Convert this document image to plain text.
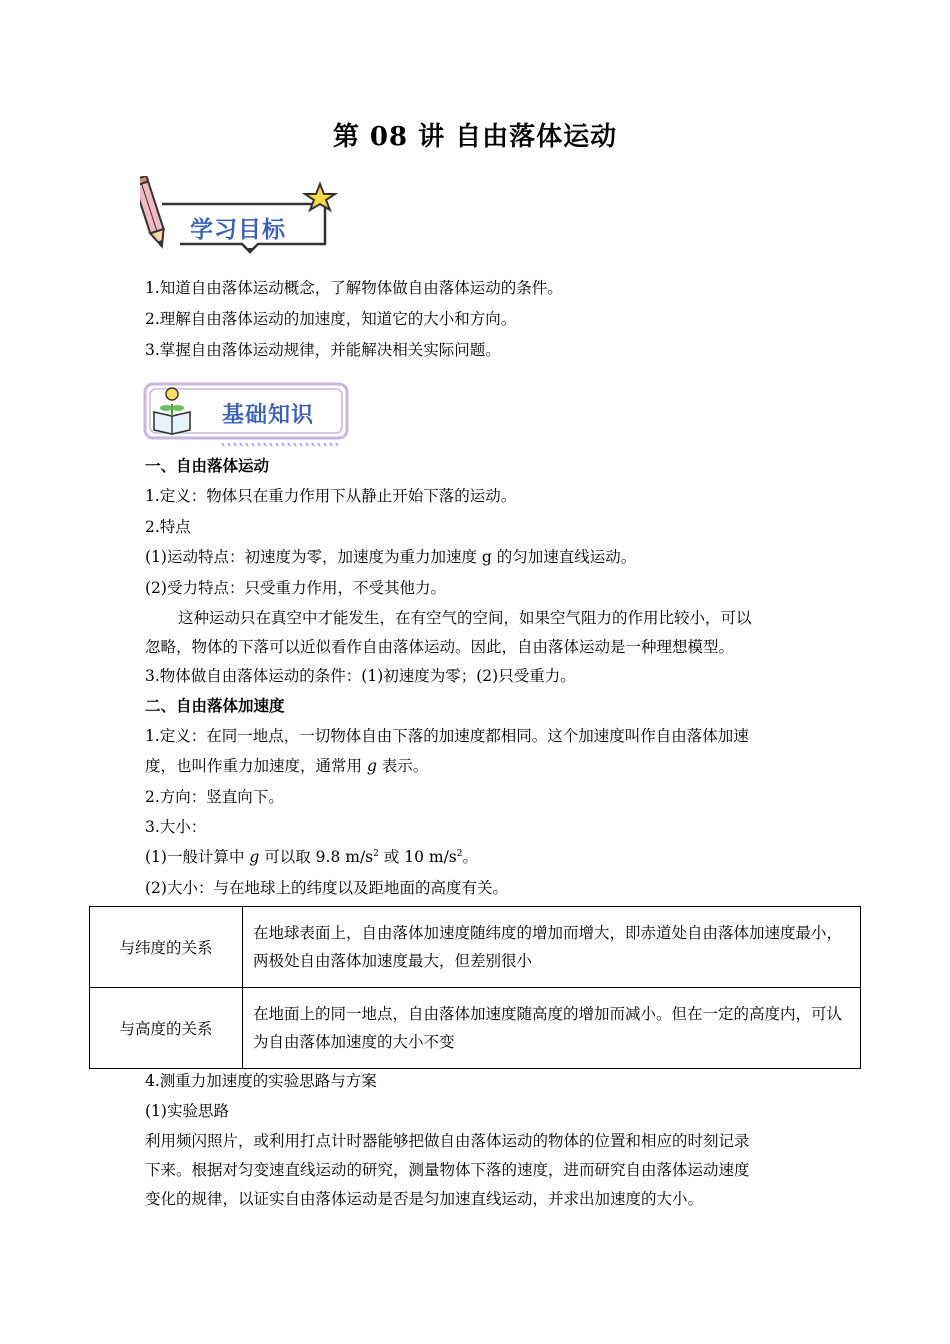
第 08 讲 自由落体运动
学习目标
1.知道自由落体运动概念，了解物体做自由落体运动的条件。
2.理解自由落体运动的加速度，知道它的大小和方向。
3.掌握自由落体运动规律，并能解决相关实际问题。
基础知识
一、自由落体运动
1.定义：物体只在重力作用下从静止开始下落的运动。
2.特点
(1)运动特点：初速度为零，加速度为重力加速度 g 的匀加速直线运动。
(2)受力特点：只受重力作用，不受其他力。
这种运动只在真空中才能发生，在有空气的空间，如果空气阻力的作用比较小，可以
忽略，物体的下落可以近似看作自由落体运动。因此，自由落体运动是一种理想模型。
3.物体做自由落体运动的条件：(1)初速度为零；(2)只受重力。
二、自由落体加速度
1.定义：在同一地点，一切物体自由下落的加速度都相同。这个加速度叫作自由落体加速
度，也叫作重力加速度，通常用 g 表示。
2.方向：竖直向下。
3.大小：
(1)一般计算中 g 可以取 9.8 $m/s^2$ 或 10 $m/s^2$。
(2)大小：与在地球上的纬度以及距地面的高度有关。
与纬度的关系	在地球表面上，自由落体加速度随纬度的增加而增大，即赤道处自由落体加速度最小，两极处自由落体加速度最大，但差别很小
与高度的关系	在地面上的同一地点，自由落体加速度随高度的增加而减小。但在一定的高度内，可认为自由落体加速度的大小不变
4.测重力加速度的实验思路与方案
(1)实验思路
利用频闪照片，或利用打点计时器能够把做自由落体运动的物体的位置和相应的时刻记录
下来。根据对匀变速直线运动的研究，测量物体下落的速度，进而研究自由落体运动速度
变化的规律，以证实自由落体运动是否是匀加速直线运动，并求出加速度的大小。
